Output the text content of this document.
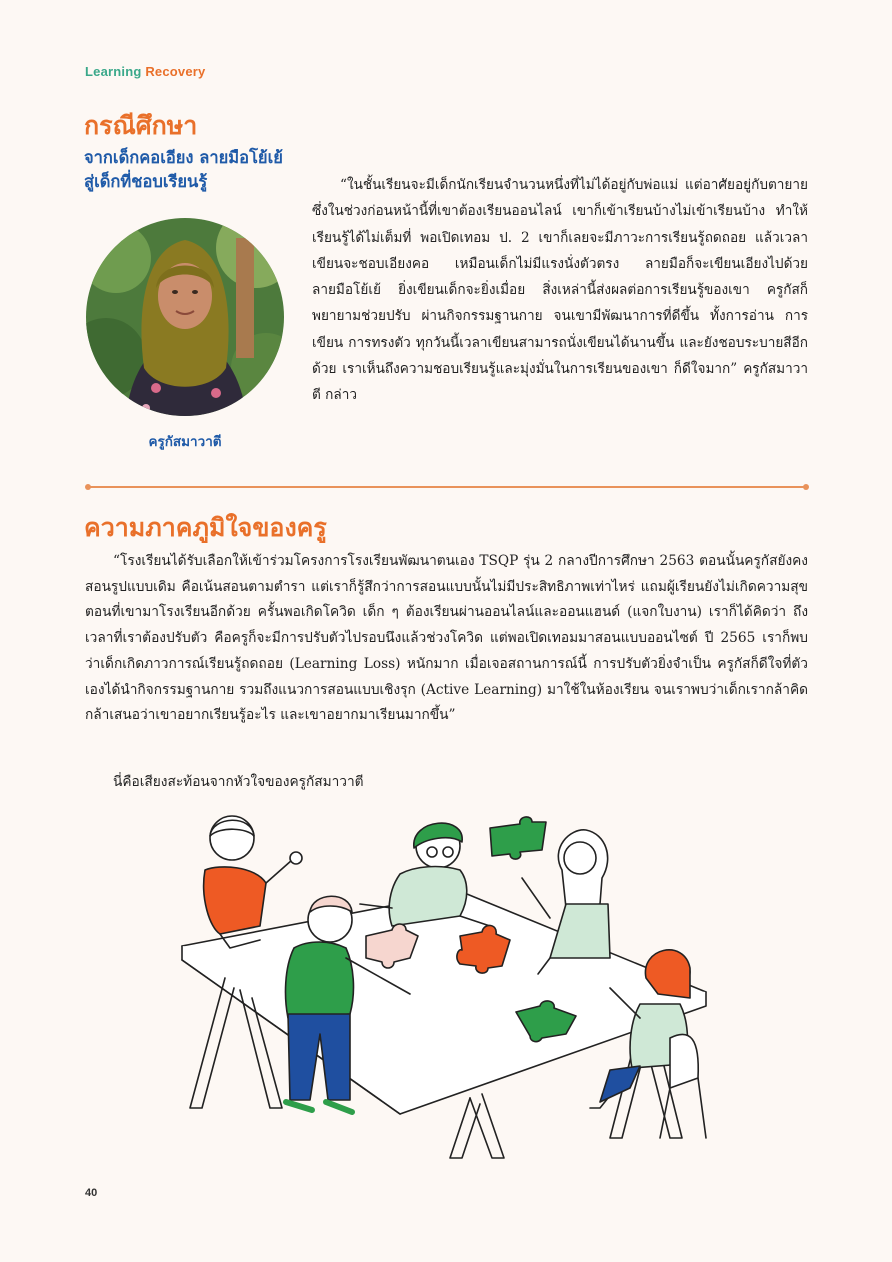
Learning Recovery
กรณีศึกษา
จากเด็กคอเอียง ลายมือโย้เย้
สู่เด็กที่ชอบเรียนรู้
ครูกัสมาวาตี

“ในชั้นเรียนจะมีเด็กนักเรียนจำนวนหนึ่งที่ไม่ได้อยู่กับพ่อแม่ แต่อาศัยอยู่กับตายาย ซึ่งในช่วงก่อนหน้านี้ที่เขาต้องเรียนออนไลน์ เขาก็เข้าเรียนบ้างไม่เข้าเรียนบ้าง ทำให้เรียนรู้ได้ไม่เต็มที่ พอเปิดเทอม ป. 2 เขาก็เลยจะมีภาวะการเรียนรู้ถดถอย แล้วเวลาเขียนจะชอบเอียงคอ เหมือนเด็กไม่มีแรงนั่งตัวตรง ลายมือก็จะเขียนเอียงไปด้วย ลายมือโย้เย้ ยิ่งเขียนเด็กจะยิ่งเมื่อย สิ่งเหล่านี้ส่งผลต่อการเรียนรู้ของเขา ครูกัสก็พยายามช่วยปรับ ผ่านกิจกรรมฐานกาย จนเขามีพัฒนาการที่ดีขึ้น ทั้งการอ่าน การเขียน การทรงตัว ทุกวันนี้เวลาเขียนสามารถนั่งเขียนได้นานขึ้น และยังชอบระบายสีอีกด้วย เราเห็นถึงความชอบเรียนรู้และมุ่งมั่นในการเรียนของเขา ก็ดีใจมาก” ครูกัสมาวาตี กล่าว

ความภาคภูมิใจของครู

“โรงเรียนได้รับเลือกให้เข้าร่วมโครงการโรงเรียนพัฒนาตนเอง TSQP รุ่น 2 กลางปีการศึกษา 2563 ตอนนั้นครูกัสยังคงสอนรูปแบบเดิม คือเน้นสอนตามตำรา แต่เราก็รู้สึกว่าการสอนแบบนั้นไม่มีประสิทธิภาพเท่าไหร่ แถมผู้เรียนยังไม่เกิดความสุขตอนที่เขามาโรงเรียนอีกด้วย ครั้นพอเกิดโควิด เด็ก ๆ ต้องเรียนผ่านออนไลน์และออนแฮนด์ (แจกใบงาน) เราก็ได้คิดว่า ถึงเวลาที่เราต้องปรับตัว คือครูก็จะมีการปรับตัวไปรอบนึงแล้วช่วงโควิด แต่พอเปิดเทอมมาสอนแบบออนไซต์ ปี 2565 เราก็พบว่าเด็กเกิดภาวการณ์เรียนรู้ถดถอย (Learning Loss) หนักมาก เมื่อเจอสถานการณ์นี้ การปรับตัวยิ่งจำเป็น ครูกัสก็ดีใจที่ตัวเองได้นำกิจกรรมฐานกาย รวมถึงแนวการสอนแบบเชิงรุก (Active Learning) มาใช้ในห้องเรียน จนเราพบว่าเด็กเรากล้าคิด กล้าเสนอว่าเขาอยากเรียนรู้อะไร และเขาอยากมาเรียนมากขึ้น”

นี่คือเสียงสะท้อนจากหัวใจของครูกัสมาวาตี
40
